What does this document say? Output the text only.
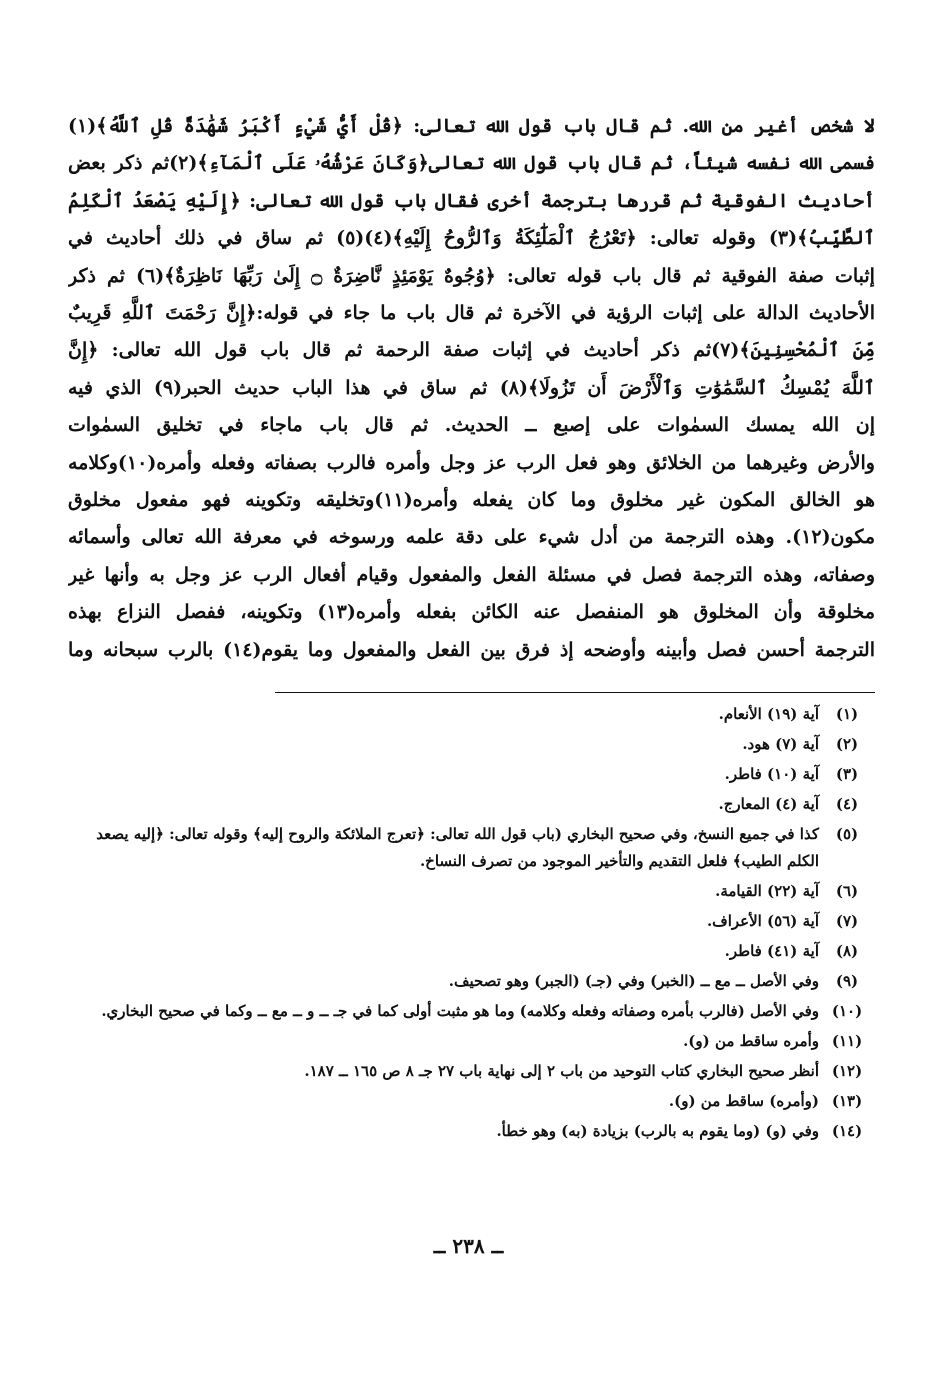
لا شخص أغير من الله. ثم قال باب قول الله تعالى: ﴿قُلْ أَيُّ شَيْءٍ أَكْبَرُ شَهَٰدَةً قُلِ ٱللَّهُ﴾(١)
فسمى الله نفسه شيئاً، ثم قال باب قول الله تعالى﴿وَكَانَ عَرْشُهُۥ عَلَى ٱلْمَآءِ﴾(٢)ثم ذكر بعض
أحاديث الفوقية ثم قررها بترجمة أخرى فقال باب قول الله تعالى: ﴿إِلَيْهِ يَصْعَدُ ٱلْكَلِمُ
ٱلطَّيِّبُ﴾(٣) وقوله تعالى: ﴿تَعْرُجُ ٱلْمَلَٰٓئِكَةُ وَٱلرُّوحُ إِلَيْهِ﴾(٤)(٥) ثم ساق في ذلك أحاديث في
إثبات صفة الفوقية ثم قال باب قوله تعالى: ﴿وُجُوهٌ يَوْمَئِذٍ نَّاضِرَةٌ ۝ إِلَىٰ رَبِّهَا نَاظِرَةٌ﴾(٦) ثم ذكر
الأحاديث الدالة على إثبات الرؤية في الآخرة ثم قال باب ما جاء في قوله:﴿إِنَّ رَحْمَتَ ٱللَّهِ قَرِيبٌ
مِّنَ ٱلْمُحْسِنِينَ﴾(٧)ثم ذكر أحاديث في إثبات صفة الرحمة ثم قال باب قول الله تعالى: ﴿إِنَّ
ٱللَّهَ يُمْسِكُ ٱلسَّمَٰوَٰتِ وَٱلْأَرْضَ أَن تَزُولَا﴾(٨) ثم ساق في هذا الباب حديث الحبر(٩) الذي فيه
إن الله يمسك السمٰوات على إصبع ــ الحديث. ثم قال باب ماجاء في تخليق السمٰوات
والأرض وغيرهما من الخلائق وهو فعل الرب عز وجل وأمره فالرب بصفاته وفعله وأمره(١٠)وكلامه
هو الخالق المكون غير مخلوق وما كان يفعله وأمره(١١)وتخليقه وتكوينه فهو مفعول مخلوق
مكون(١٢). وهذه الترجمة من أدل شيء على دقة علمه ورسوخه في معرفة الله تعالى وأسمائه
وصفاته، وهذه الترجمة فصل في مسئلة الفعل والمفعول وقيام أفعال الرب عز وجل به وأنها غير
مخلوقة وأن المخلوق هو المنفصل عنه الكائن بفعله وأمره(١٣) وتكوينه، ففصل النزاع بهذه
الترجمة أحسن فصل وأبينه وأوضحه إذ فرق بين الفعل والمفعول وما يقوم(١٤) بالرب سبحانه وما
(١)
آية (١٩) الأنعام.
(٢)
آية (٧) هود.
(٣)
آية (١٠) فاطر.
(٤)
آية (٤) المعارج.
(٥)
كذا في جميع النسخ، وفي صحيح البخاري (باب قول الله تعالى: ﴿تعرج الملائكة والروح إليه﴾ وقوله تعالى: ﴿إليه يصعد الكلم الطيب﴾ فلعل التقديم والتأخير الموجود من تصرف النساخ.
(٦)
آية (٢٢) القيامة.
(٧)
آية (٥٦) الأعراف.
(٨)
آية (٤١) فاطر.
(٩)
وفي الأصل ــ مع ــ (الخبر) وفي (جـ) (الجبر) وهو تصحيف.
(١٠)
وفي الأصل (فالرب بأمره وصفاته وفعله وكلامه) وما هو مثبت أولى كما في جـ ــ و ــ مع ــ وكما في صحيح البخاري.
(١١)
وأمره ساقط من (و).
(١٢)
أنظر صحيح البخاري كتاب التوحيد من باب ٢ إلى نهاية باب ٢٧ جـ ٨ ص ١٦٥ ــ ١٨٧.
(١٣)
(وأمره) ساقط من (و).
(١٤)
وفي (و) (وما يقوم به بالرب) بزيادة (به) وهو خطأ.
ــ ٢٣٨ ــ
